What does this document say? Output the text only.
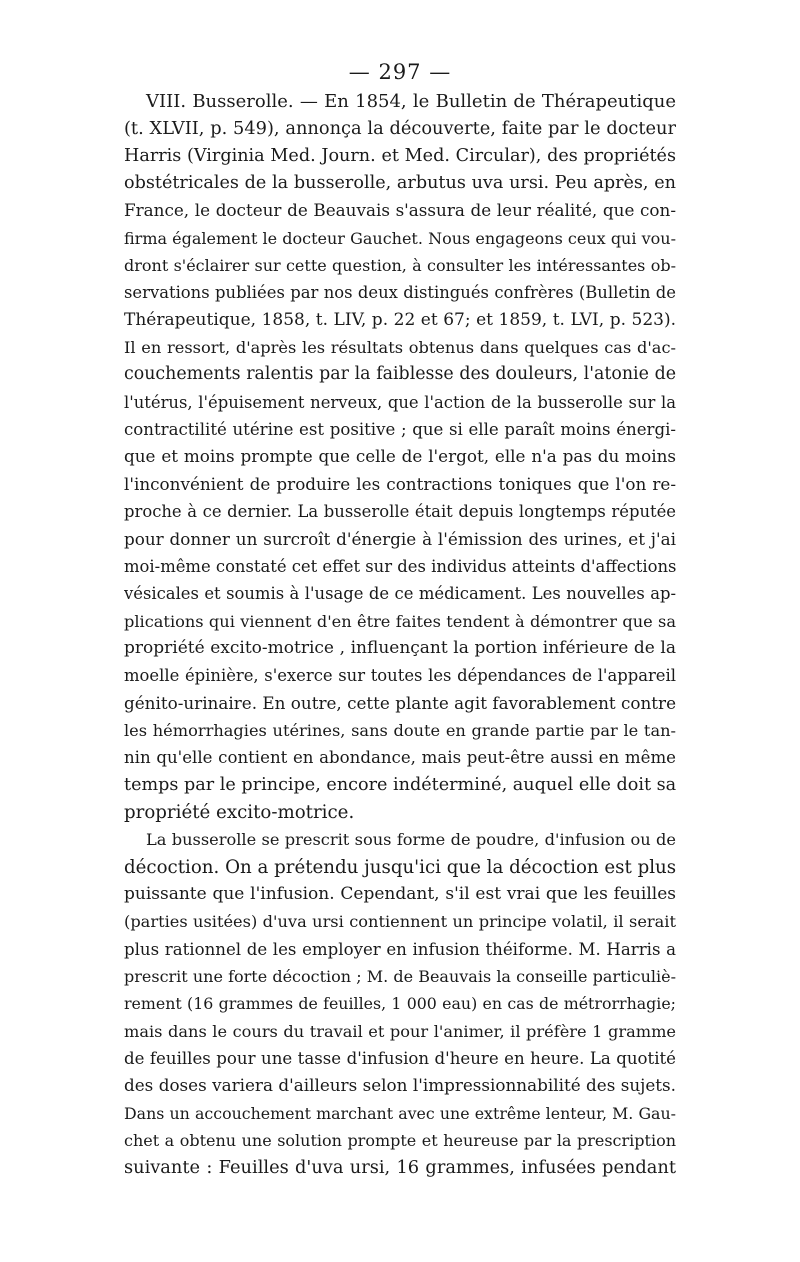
— 297 —
VIII. Busserolle. — En 1854, le Bulletin de Thérapeutique
(t. XLVII, p. 549), annonça la découverte, faite par le docteur
Harris (Virginia Med. Journ. et Med. Circular), des propriétés
obstétricales de la busserolle, arbutus uva ursi. Peu après, en
France, le docteur de Beauvais s'assura de leur réalité, que con-
firma également le docteur Gauchet. Nous engageons ceux qui vou-
dront s'éclairer sur cette question, à consulter les intéressantes ob-
servations publiées par nos deux distingués confrères (Bulletin de
Thérapeutique, 1858, t. LIV, p. 22 et 67; et 1859, t. LVI, p. 523).
Il en ressort, d'après les résultats obtenus dans quelques cas d'ac-
couchements ralentis par la faiblesse des douleurs, l'atonie de
l'utérus, l'épuisement nerveux, que l'action de la busserolle sur la
contractilité utérine est positive ; que si elle paraît moins énergi-
que et moins prompte que celle de l'ergot, elle n'a pas du moins
l'inconvénient de produire les contractions toniques que l'on re-
proche à ce dernier. La busserolle était depuis longtemps réputée
pour donner un surcroît d'énergie à l'émission des urines, et j'ai
moi-même constaté cet effet sur des individus atteints d'affections
vésicales et soumis à l'usage de ce médicament. Les nouvelles ap-
plications qui viennent d'en être faites tendent à démontrer que sa
propriété excito-motrice , influençant la portion inférieure de la
moelle épinière, s'exerce sur toutes les dépendances de l'appareil
génito-urinaire. En outre, cette plante agit favorablement contre
les hémorrhagies utérines, sans doute en grande partie par le tan-
nin qu'elle contient en abondance, mais peut-être aussi en même
temps par le principe, encore indéterminé, auquel elle doit sa
propriété excito-motrice.
La busserolle se prescrit sous forme de poudre, d'infusion ou de
décoction. On a prétendu jusqu'ici que la décoction est plus
puissante que l'infusion. Cependant, s'il est vrai que les feuilles
(parties usitées) d'uva ursi contiennent un principe volatil, il serait
plus rationnel de les employer en infusion théiforme. M. Harris a
prescrit une forte décoction ; M. de Beauvais la conseille particuliè-
rement (16 grammes de feuilles, 1 000 eau) en cas de métrorrhagie;
mais dans le cours du travail et pour l'animer, il préfère 1 gramme
de feuilles pour une tasse d'infusion d'heure en heure. La quotité
des doses variera d'ailleurs selon l'impressionnabilité des sujets.
Dans un accouchement marchant avec une extrême lenteur, M. Gau-
chet a obtenu une solution prompte et heureuse par la prescription
suivante : Feuilles d'uva ursi, 16 grammes, infusées pendant
